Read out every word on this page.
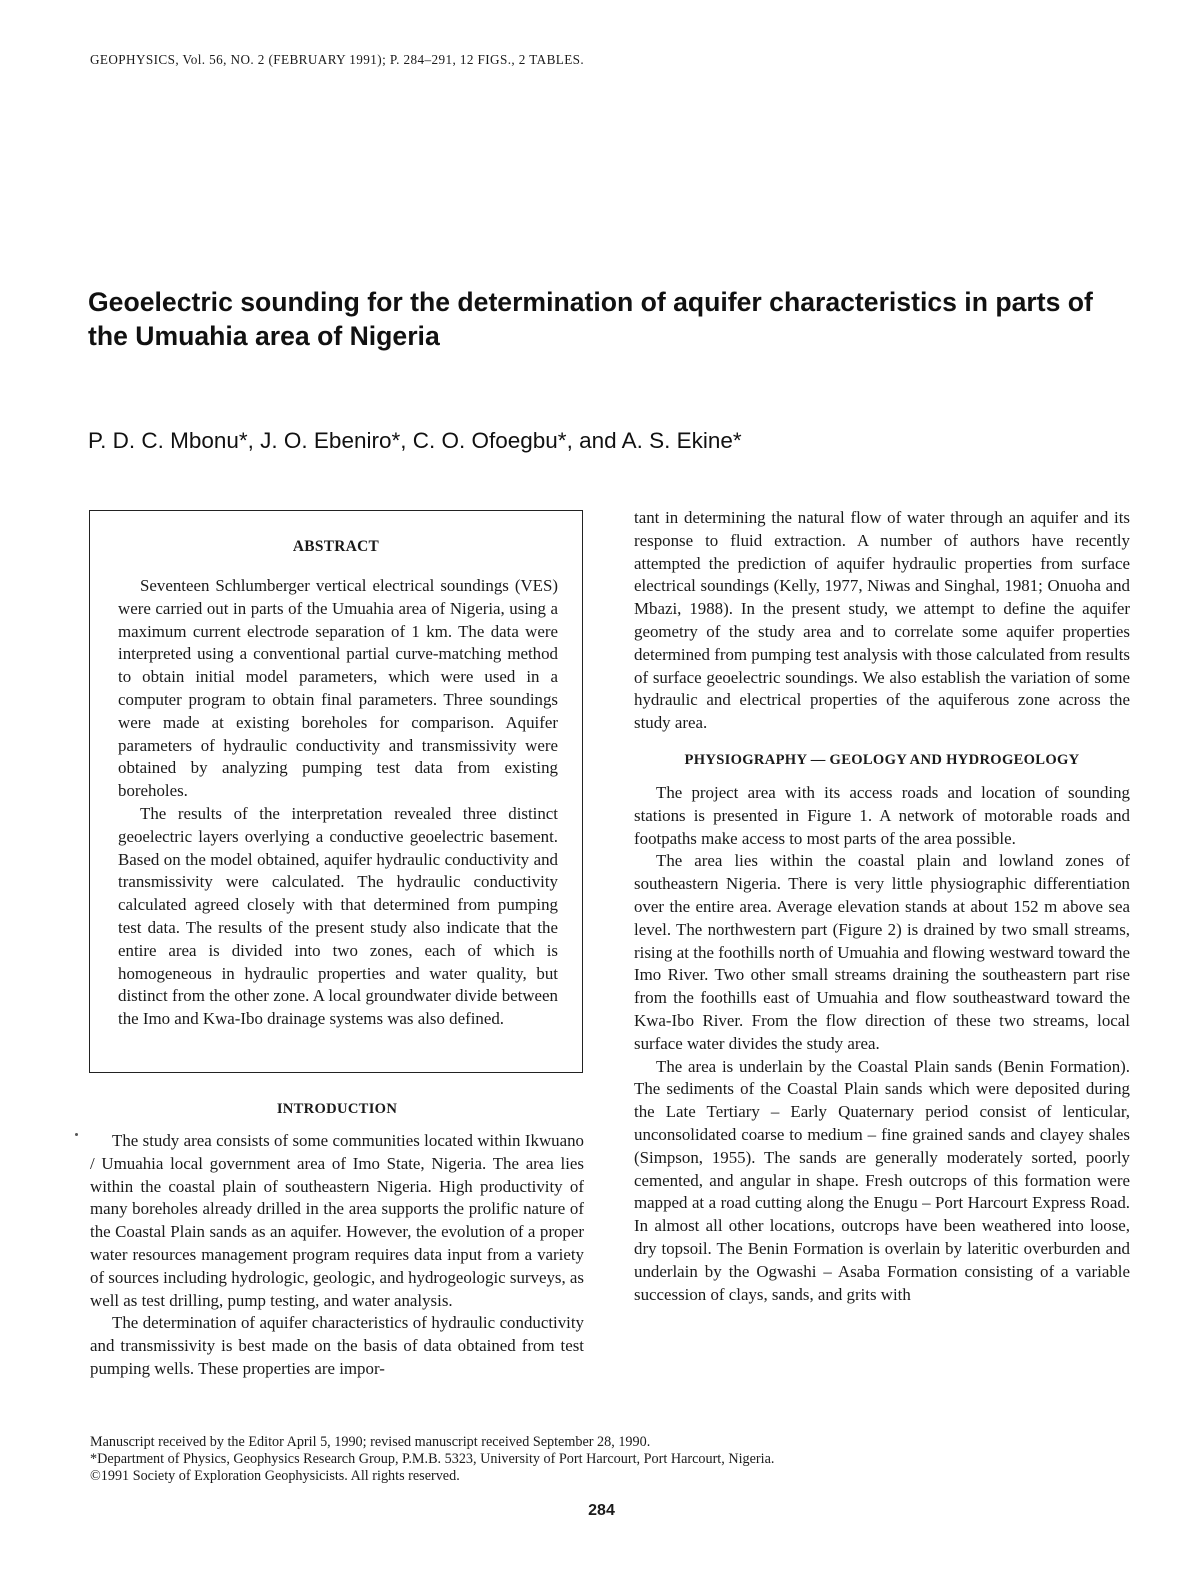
GEOPHYSICS, Vol. 56, NO. 2 (FEBRUARY 1991); P. 284–291, 12 FIGS., 2 TABLES.
Geoelectric sounding for the determination of aquifer characteristics in parts of the Umuahia area of Nigeria
P. D. C. Mbonu*, J. O. Ebeniro*, C. O. Ofoegbu*, and A. S. Ekine*
ABSTRACT

Seventeen Schlumberger vertical electrical soundings (VES) were carried out in parts of the Umuahia area of Nigeria, using a maximum current electrode separation of 1 km. The data were interpreted using a conventional partial curve-matching method to obtain initial model parameters, which were used in a computer program to obtain final parameters. Three soundings were made at existing boreholes for comparison. Aquifer parameters of hydraulic conductivity and transmissivity were obtained by analyzing pumping test data from existing boreholes.

The results of the interpretation revealed three distinct geoelectric layers overlying a conductive geoelectric basement. Based on the model obtained, aquifer hydraulic conductivity and transmissivity were calculated. The hydraulic conductivity calculated agreed closely with that determined from pumping test data. The results of the present study also indicate that the entire area is divided into two zones, each of which is homogeneous in hydraulic properties and water quality, but distinct from the other zone. A local groundwater divide between the Imo and Kwa-Ibo drainage systems was also defined.

INTRODUCTION

The study area consists of some communities located within Ikwuano / Umuahia local government area of Imo State, Nigeria. The area lies within the coastal plain of southeastern Nigeria. High productivity of many boreholes already drilled in the area supports the prolific nature of the Coastal Plain sands as an aquifer. However, the evolution of a proper water resources management program requires data input from a variety of sources including hydrologic, geologic, and hydrogeologic surveys, as well as test drilling, pump testing, and water analysis.

The determination of aquifer characteristics of hydraulic conductivity and transmissivity is best made on the basis of data obtained from test pumping wells. These properties are impor-

tant in determining the natural flow of water through an aquifer and its response to fluid extraction. A number of authors have recently attempted the prediction of aquifer hydraulic properties from surface electrical soundings (Kelly, 1977, Niwas and Singhal, 1981; Onuoha and Mbazi, 1988). In the present study, we attempt to define the aquifer geometry of the study area and to correlate some aquifer properties determined from pumping test analysis with those calculated from results of surface geoelectric soundings. We also establish the variation of some hydraulic and electrical properties of the aquiferous zone across the study area.

PHYSIOGRAPHY — GEOLOGY AND HYDROGEOLOGY

The project area with its access roads and location of sounding stations is presented in Figure 1. A network of motorable roads and footpaths make access to most parts of the area possible.

The area lies within the coastal plain and lowland zones of southeastern Nigeria. There is very little physiographic differentiation over the entire area. Average elevation stands at about 152 m above sea level. The northwestern part (Figure 2) is drained by two small streams, rising at the foothills north of Umuahia and flowing westward toward the Imo River. Two other small streams draining the southeastern part rise from the foothills east of Umuahia and flow southeastward toward the Kwa-Ibo River. From the flow direction of these two streams, local surface water divides the study area.

The area is underlain by the Coastal Plain sands (Benin Formation). The sediments of the Coastal Plain sands which were deposited during the Late Tertiary – Early Quaternary period consist of lenticular, unconsolidated coarse to medium – fine grained sands and clayey shales (Simpson, 1955). The sands are generally moderately sorted, poorly cemented, and angular in shape. Fresh outcrops of this formation were mapped at a road cutting along the Enugu – Port Harcourt Express Road. In almost all other locations, outcrops have been weathered into loose, dry topsoil. The Benin Formation is overlain by lateritic overburden and underlain by the Ogwashi – Asaba Formation consisting of a variable succession of clays, sands, and grits with

Manuscript received by the Editor April 5, 1990; revised manuscript received September 28, 1990.
*Department of Physics, Geophysics Research Group, P.M.B. 5323, University of Port Harcourt, Port Harcourt, Nigeria.
©1991 Society of Exploration Geophysicists. All rights reserved.
284
